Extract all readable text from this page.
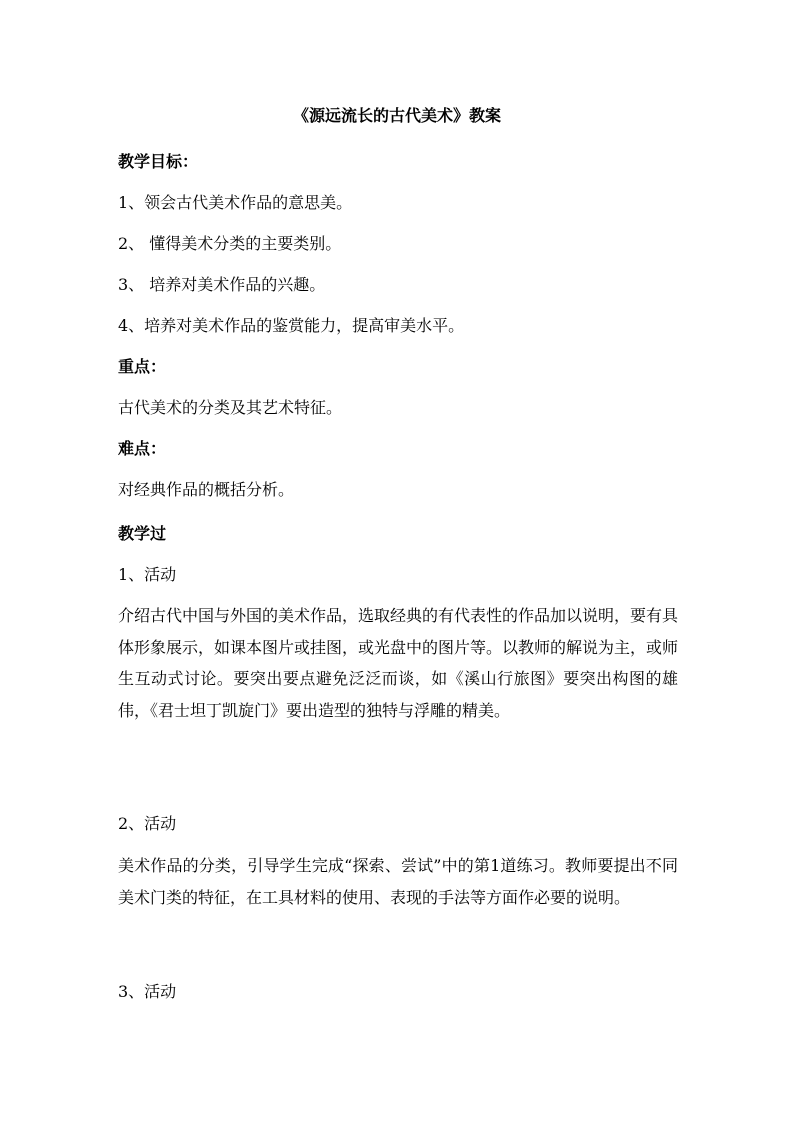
《源远流长的古代美术》教案
教学目标：
1、领会古代美术作品的意思美。
2、 懂得美术分类的主要类别。
3、 培养对美术作品的兴趣。
4、培养对美术作品的鉴赏能力，提高审美水平。
重点：
古代美术的分类及其艺术特征。
难点：
对经典作品的概括分析。
教学过
1、活动
介绍古代中国与外国的美术作品，选取经典的有代表性的作品加以说明，要有具体形象展示，如课本图片或挂图，或光盘中的图片等。以教师的解说为主，或师生互动式讨论。要突出要点避免泛泛而谈，如《溪山行旅图》要突出构图的雄伟，《君士坦丁凯旋门》要出造型的独特与浮雕的精美。
2、活动
美术作品的分类，引导学生完成“探索、尝试”中的第1道练习。教师要提出不同美术门类的特征，在工具材料的使用、表现的手法等方面作必要的说明。
3、活动
